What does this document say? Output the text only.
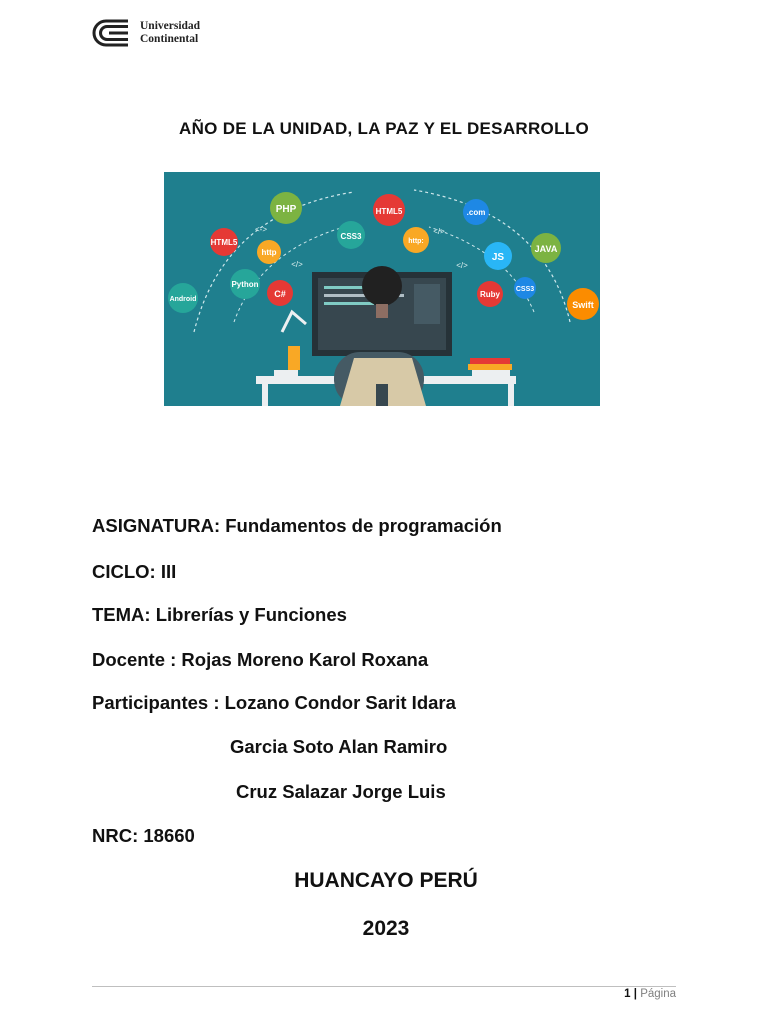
Universidad
Continental
AÑO DE LA UNIDAD, LA PAZ Y EL DESARROLLO
PHP	HTML5
CSS3
http:
.com
JS
JAVA
Swift
Ruby
CSS3
Python
C#
http
HTML5
Android
<->	</>
</>	</>
ASIGNATURA: Fundamentos de programación
CICLO: III
TEMA: Librerías y Funciones
Docente : Rojas Moreno Karol Roxana
Participantes : Lozano Condor Sarit Idara
Garcia Soto Alan Ramiro
Cruz Salazar Jorge Luis
NRC: 18660
HUANCAYO PERÚ
2023
1 | Página
